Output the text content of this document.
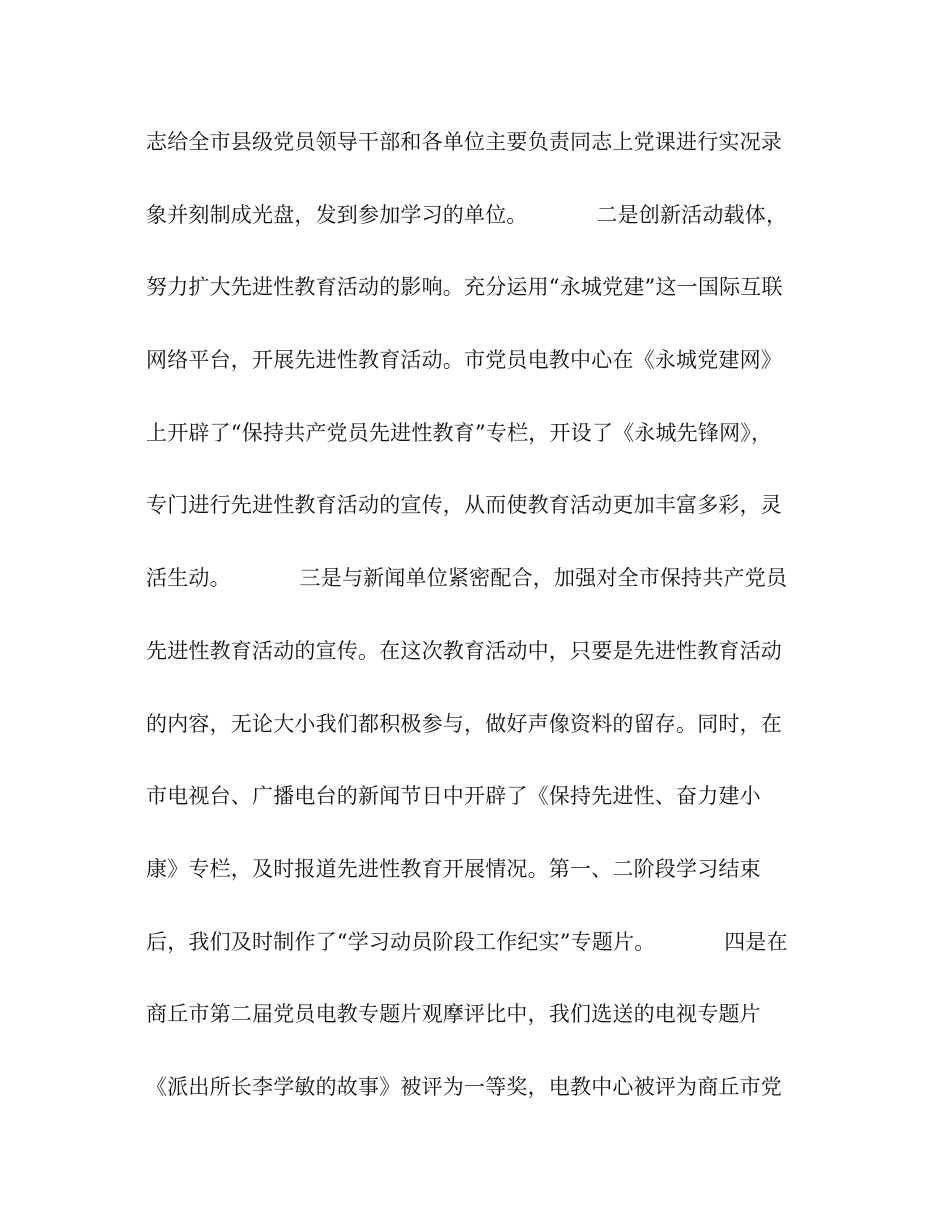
志给全市县级党员领导干部和各单位主要负责同志上党课进行实况录
象并刻制成光盘，发到参加学习的单位。          二是创新活动载体，
努力扩大先进性教育活动的影响。充分运用“永城党建”这一国际互联
网络平台，开展先进性教育活动。市党员电教中心在《永城党建网》
上开辟了“保持共产党员先进性教育”专栏，开设了《永城先锋网》，
专门进行先进性教育活动的宣传，从而使教育活动更加丰富多彩，灵
活生动。          三是与新闻单位紧密配合，加强对全市保持共产党员
先进性教育活动的宣传。在这次教育活动中，只要是先进性教育活动
的内容，无论大小我们都积极参与，做好声像资料的留存。同时，在
市电视台、广播电台的新闻节日中开辟了《保持先进性、奋力建小
康》专栏，及时报道先进性教育开展情况。第一、二阶段学习结束
后，我们及时制作了“学习动员阶段工作纪实”专题片。          四是在
商丘市第二届党员电教专题片观摩评比中，我们选送的电视专题片
《派出所长李学敏的故事》被评为一等奖，电教中心被评为商丘市党
